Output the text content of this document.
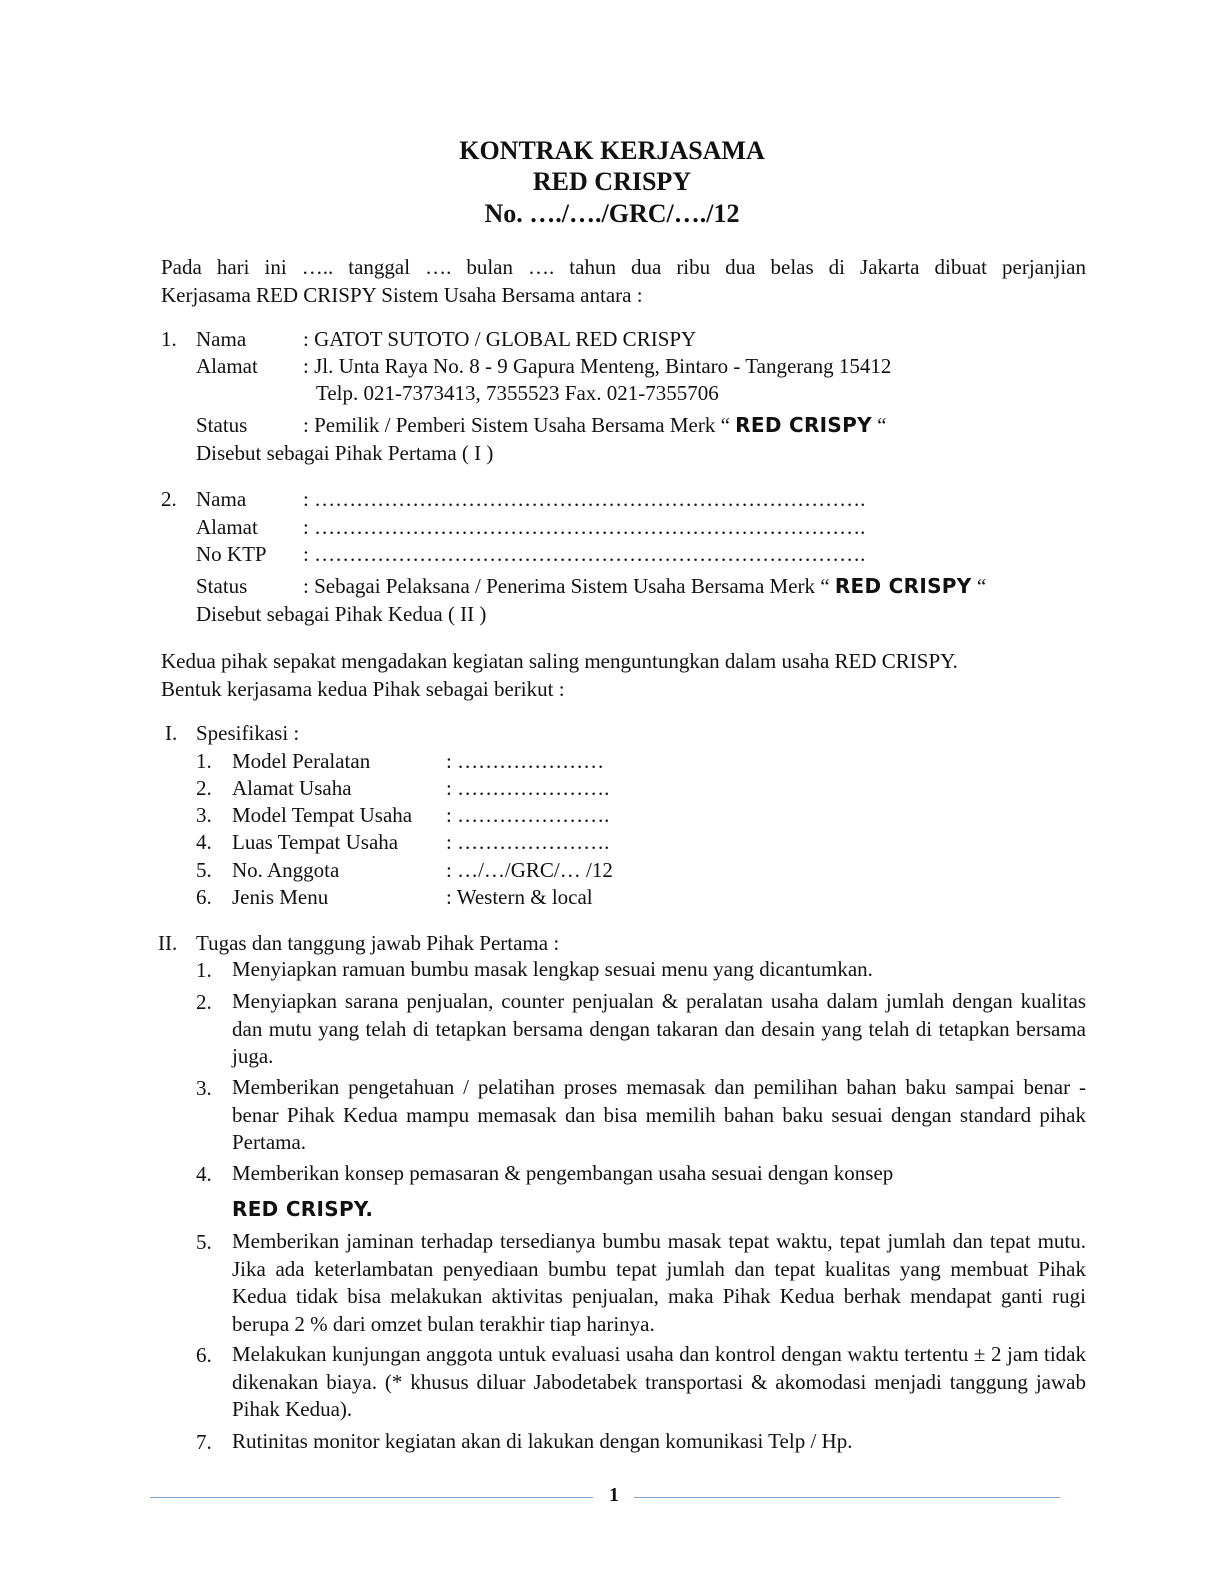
KONTRAK KERJASAMA
RED CRISPY
No. …./…./GRC/…./12
Pada hari ini ….. tanggal …. bulan …. tahun dua ribu dua belas di Jakarta dibuat perjanjian
Kerjasama RED CRISPY Sistem Usaha Bersama antara :
1. Nama	: GATOT SUTOTO / GLOBAL RED CRISPY
Alamat : Jl. Unta Raya No. 8 - 9 Gapura Menteng, Bintaro - Tangerang 15412
Telp. 021-7373413, 7355523 Fax. 021-7355706
Status	: Pemilik / Pemberi Sistem Usaha Bersama Merk “ RED CRISPY “
Disebut sebagai Pihak Pertama ( I )
2. Nama	: …………………………………………………………………….
Alamat : …………………………………………………………………….
No KTP : …………………………………………………………………….
Status	: Sebagai Pelaksana / Penerima Sistem Usaha Bersama Merk “ RED CRISPY “
Disebut sebagai Pihak Kedua ( II )
Kedua pihak sepakat mengadakan kegiatan saling menguntungkan dalam usaha RED CRISPY.
Bentuk kerjasama kedua Pihak sebagai berikut :
I. Spesifikasi :
1. Model Peralatan	: …………………
2. Alamat Usaha	: ………………….
3. Model Tempat Usaha : ………………….
4. Luas Tempat Usaha : ………………….
5. No. Anggota	: …/…/GRC/… /12
6. Jenis Menu	: Western & local
II. Tugas dan tanggung jawab Pihak Pertama :
1. Menyiapkan ramuan bumbu masak lengkap sesuai menu yang dicantumkan.
2. Menyiapkan sarana penjualan, counter penjualan & peralatan usaha dalam jumlah dengan kualitas dan mutu yang telah di tetapkan bersama dengan takaran dan desain yang telah di tetapkan bersama juga.
3. Memberikan pengetahuan / pelatihan proses memasak dan pemilihan bahan baku sampai benar - benar Pihak Kedua mampu memasak dan bisa memilih bahan baku sesuai dengan standard pihak Pertama.
4. Memberikan konsep pemasaran & pengembangan usaha sesuai dengan konsep
RED CRISPY.
5. Memberikan jaminan terhadap tersedianya bumbu masak tepat waktu, tepat jumlah dan tepat mutu. Jika ada keterlambatan penyediaan bumbu tepat jumlah dan tepat kualitas yang membuat Pihak Kedua tidak bisa melakukan aktivitas penjualan, maka Pihak Kedua berhak mendapat ganti rugi berupa 2 % dari omzet bulan terakhir tiap harinya.
6. Melakukan kunjungan anggota untuk evaluasi usaha dan kontrol dengan waktu tertentu ± 2 jam tidak dikenakan biaya. (* khusus diluar Jabodetabek transportasi & akomodasi menjadi tanggung jawab Pihak Kedua).
7. Rutinitas monitor kegiatan akan di lakukan dengan komunikasi Telp / Hp.
1
